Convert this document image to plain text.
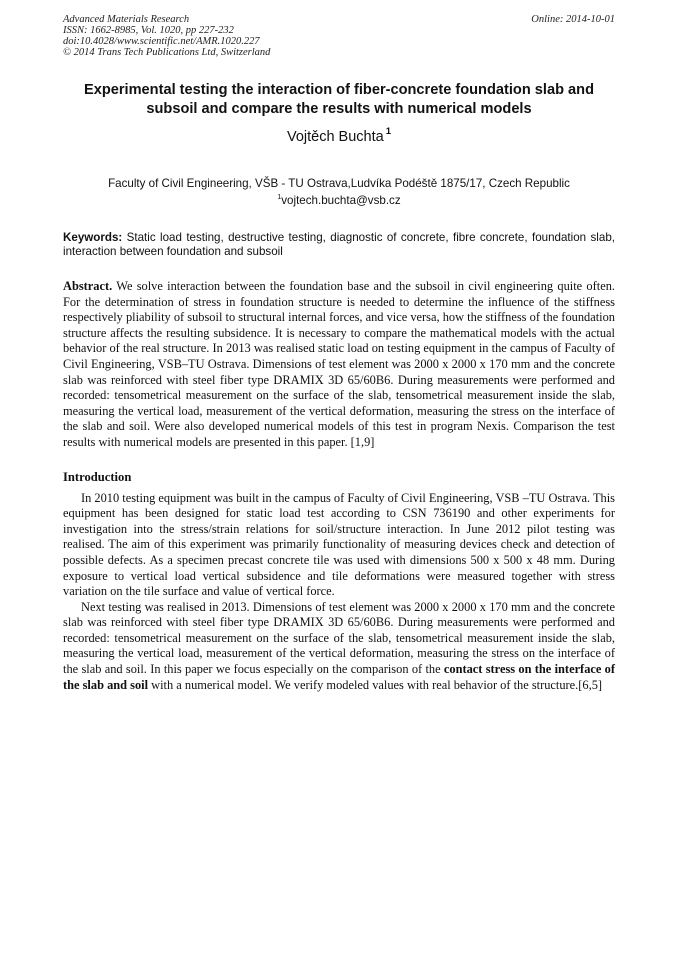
Advanced Materials Research
ISSN: 1662-8985, Vol. 1020, pp 227-232
doi:10.4028/www.scientific.net/AMR.1020.227
© 2014 Trans Tech Publications Ltd, Switzerland
Online: 2014-10-01
Experimental testing the interaction of fiber-concrete foundation slab and subsoil and compare the results with numerical models
Vojtěch Buchta $^1$
Faculty of Civil Engineering, VŠB - TU Ostrava,Ludvíka Podéště 1875/17, Czech Republic
$^1$vojtech.buchta@vsb.cz
Keywords: Static load testing, destructive testing, diagnostic of concrete, fibre concrete, foundation slab, interaction between foundation and subsoil
Abstract. We solve interaction between the foundation base and the subsoil in civil engineering quite often. For the determination of stress in foundation structure is needed to determine the influence of the stiffness respectively pliability of subsoil to structural internal forces, and vice versa, how the stiffness of the foundation structure affects the resulting subsidence. It is necessary to compare the mathematical models with the actual behavior of the real structure. In 2013 was realised static load on testing equipment in the campus of Faculty of Civil Engineering, VSB–TU Ostrava. Dimensions of test element was 2000 x 2000 x 170 mm and the concrete slab was reinforced with steel fiber type DRAMIX 3D 65/60B6. During measurements were performed and recorded: tensometrical measurement on the surface of the slab, tensometrical measurement inside the slab, measuring the vertical load, measurement of the vertical deformation, measuring the stress on the interface of the slab and soil. Were also developed numerical models of this test in program Nexis. Comparison the test results with numerical models are presented in this paper. [1,9]
Introduction

In 2010 testing equipment was built in the campus of Faculty of Civil Engineering, VSB –TU Ostrava. This equipment has been designed for static load test according to CSN 736190 and other experiments for investigation into the stress/strain relations for soil/structure interaction. In June 2012 pilot testing was realised. The aim of this experiment was primarily functionality of measuring devices check and detection of possible defects. As a specimen precast concrete tile was used with dimensions 500 x 500 x 48 mm. During exposure to vertical load vertical subsidence and tile deformations were measured together with stress variation on the tile surface and value of vertical force.

Next testing was realised in 2013. Dimensions of test element was 2000 x 2000 x 170 mm and the concrete slab was reinforced with steel fiber type DRAMIX 3D 65/60B6. During measurements were performed and recorded: tensometrical measurement on the surface of the slab, tensometrical measurement inside the slab, measuring the vertical load, measurement of the vertical deformation, measuring the stress on the interface of the slab and soil. In this paper we focus especially on the comparison of the contact stress on the interface of the slab and soil with a numerical model. We verify modeled values with real behavior of the structure.[6,5]
